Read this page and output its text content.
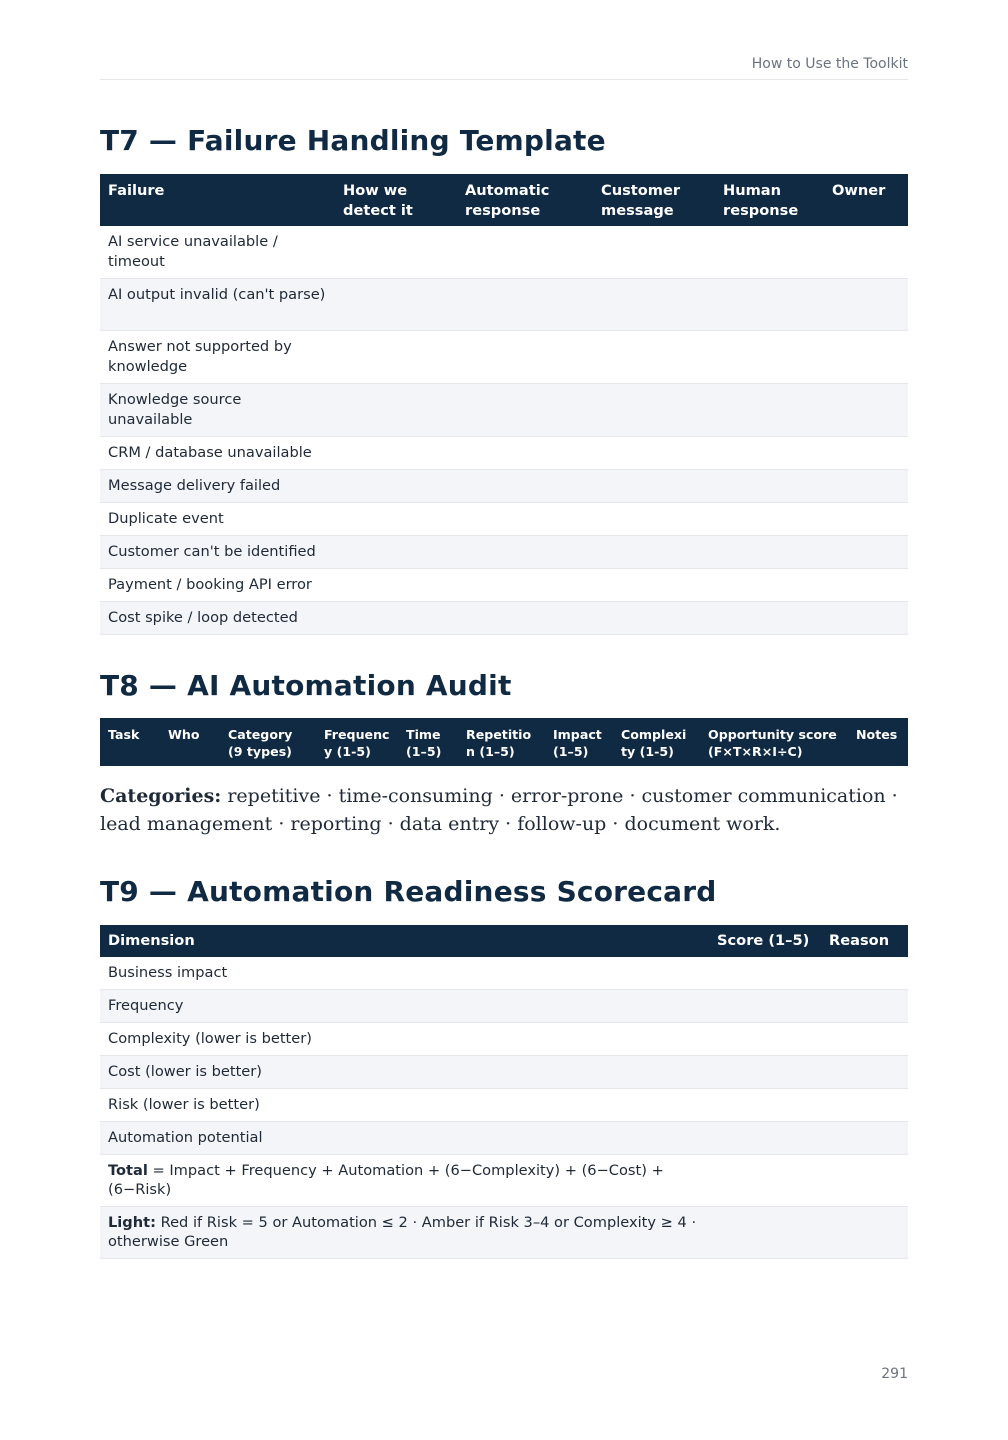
How to Use the Toolkit
T7 — Failure Handling Template
Failure	How we detect it	Automatic response	Customer message	Human response	Owner
AI service unavailable / timeout					
AI output invalid (can't parse)					
Answer not supported by knowledge					
Knowledge source unavailable					
CRM / database unavailable					
Message delivery failed					
Duplicate event					
Customer can't be identified					
Payment / booking API error					
Cost spike / loop detected					
T8 — AI Automation Audit
Task	Who	Category (9 types)	Frequency (1-5)	Time (1–5)	Repetition (1–5)	Impact (1–5)	Complexity (1-5)	Opportunity score (F×T×R×I÷C)	Notes
Categories: repetitive · time-consuming · error-prone · customer communication · lead management · reporting · data entry · follow-up · document work.
T9 — Automation Readiness Scorecard
Dimension	Score (1–5)	Reason
Business impact		
Frequency		
Complexity (lower is better)		
Cost (lower is better)		
Risk (lower is better)		
Automation potential		
Total = Impact + Frequency + Automation + (6−Complexity) + (6−Cost) + (6−Risk)		
Light: Red if Risk = 5 or Automation ≤ 2 · Amber if Risk 3–4 or Complexity ≥ 4 · otherwise Green		
291
